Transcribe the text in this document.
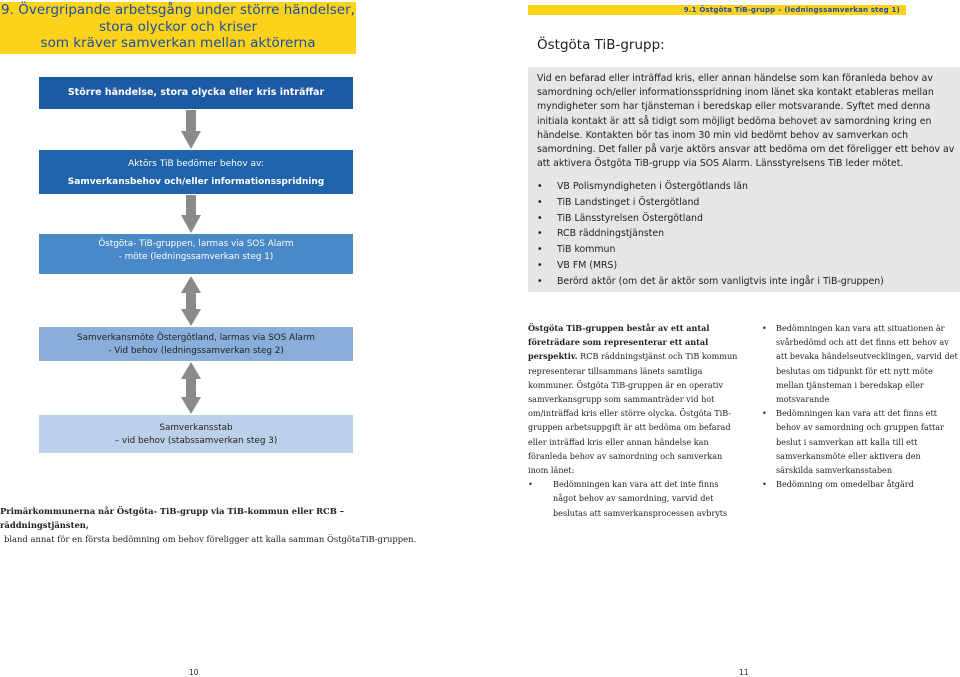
9. Övergripande arbetsgång under större händelser,
stora olyckor och kriser
som kräver samverkan mellan aktörerna
Större händelse, stora olycka eller kris inträffar
Aktörs TiB bedömer behov av:
Samverkansbehov och/eller informationsspridning
Östgöta- TiB-gruppen, larmas via SOS Alarm
- möte (ledningssamverkan steg 1)
Samverkansmöte Östergötland, larmas via SOS Alarm
- Vid behov (ledningssamverkan steg 2)
Samverkansstab
– vid behov (stabssamverkan steg 3)
Primärkommunerna når Östgöta- TiB-grupp via TiB-kommun eller RCB –räddningstjänsten,
bland annat för en första bedömning om behov föreligger att kalla samman ÖstgötaTiB-gruppen.
10
9.1 Östgöta TiB-grupp – (ledningssamverkan steg 1)
Östgöta TiB-grupp:

Vid en befarad eller inträffad kris, eller annan händelse som kan föranleda behov av samordning och/eller informationsspridning inom länet ska kontakt etableras mellan myndigheter som har tjänsteman i beredskap eller motsvarande. Syftet med denna initiala kontakt är att så tidigt som möjligt bedöma behovet av samordning kring en händelse. Kontakten bör tas inom 30 min vid bedömt behov av samverkan och samordning. Det faller på varje aktörs ansvar att bedöma om det föreligger ett behov av att aktivera Östgöta TiB-grupp via SOS Alarm. Länsstyrelsens TiB leder mötet.

• VB Polismyndigheten i Östergötlands län
• TiB Landstinget i Östergötland
• TiB Länsstyrelsen Östergötland
• RCB räddningstjänsten
• TiB kommun
• VB FM (MRS)
• Berörd aktör (om det är aktör som vanligtvis inte ingår i TiB-gruppen)
Östgöta TiB-gruppen består av ett antal företrädare som representerar ett antal perspektiv. RCB räddningstjänst och TiB kommun representerar tillsammans länets samtliga kommuner. Östgöta TiB-gruppen är en operativ samverkansgrupp som sammanträder vid hot om/inträffad kris eller större olycka. Östgöta TiB-gruppen arbetsuppgift är att bedöma om befarad eller inträffad kris eller annan händelse kan föranleda behov av samordning och samverkan inom länet:
• Bedömningen kan vara att det inte finns något behov av samordning, varvid det beslutas att samverkansprocessen avbryts
• Bedömningen kan vara att situationen är svårbedömd och att det finns ett behov av att bevaka händelseutvecklingen, varvid det beslutas om tidpunkt för ett nytt möte mellan tjänsteman i beredskap eller motsvarande
• Bedömningen kan vara att det finns ett behov av samordning och gruppen fattar beslut i samverkan att kalla till ett samverkansmöte eller aktivera den särskilda samverkansstaben
• Bedömning om omedelbar åtgärd
11
